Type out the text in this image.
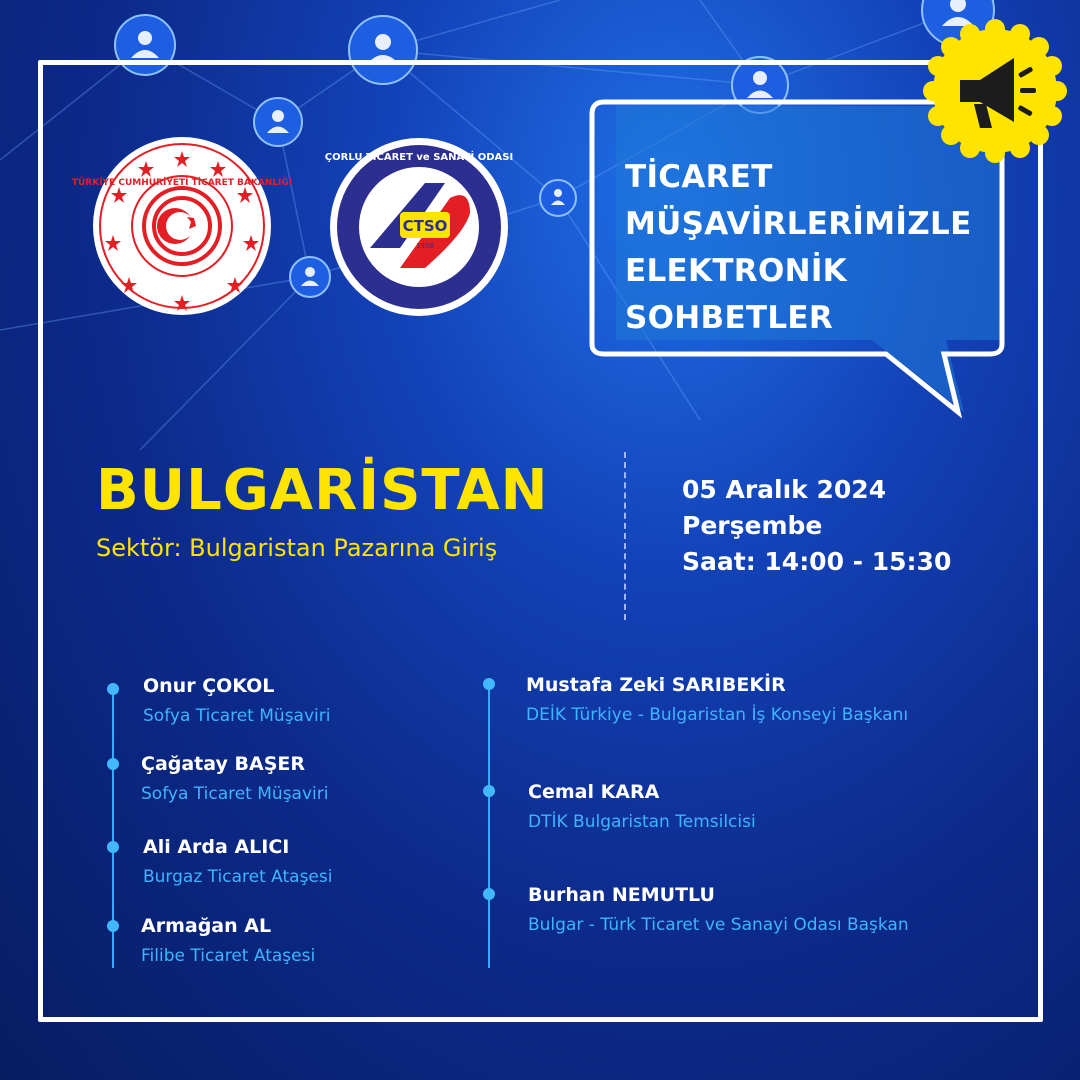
TÜRKİYE CUMHURİYETİ TİCARET BAKANLIĞI
CTSO
1958
ÇORLU TİCARET ve SANAYİ ODASI
TİCARET
MÜŞAVİRLERİMİZLE
ELEKTRONİK
SOHBETLER
BULGARİSTAN
Sektör: Bulgaristan Pazarına Giriş
05 Aralık 2024
Perşembe
Saat: 14:00 - 15:30
Onur ÇOKOL
Sofya Ticaret Müşaviri
Çağatay BAŞER
Sofya Ticaret Müşaviri
Ali Arda ALICI
Burgaz Ticaret Ataşesi
Armağan AL
Filibe Ticaret Ataşesi
Mustafa Zeki SARIBEKİR
DEİK Türkiye - Bulgaristan İş Konseyi Başkanı
Cemal KARA
DTİK Bulgaristan Temsilcisi
Burhan NEMUTLU
Bulgar - Türk Ticaret ve Sanayi Odası Başkan
